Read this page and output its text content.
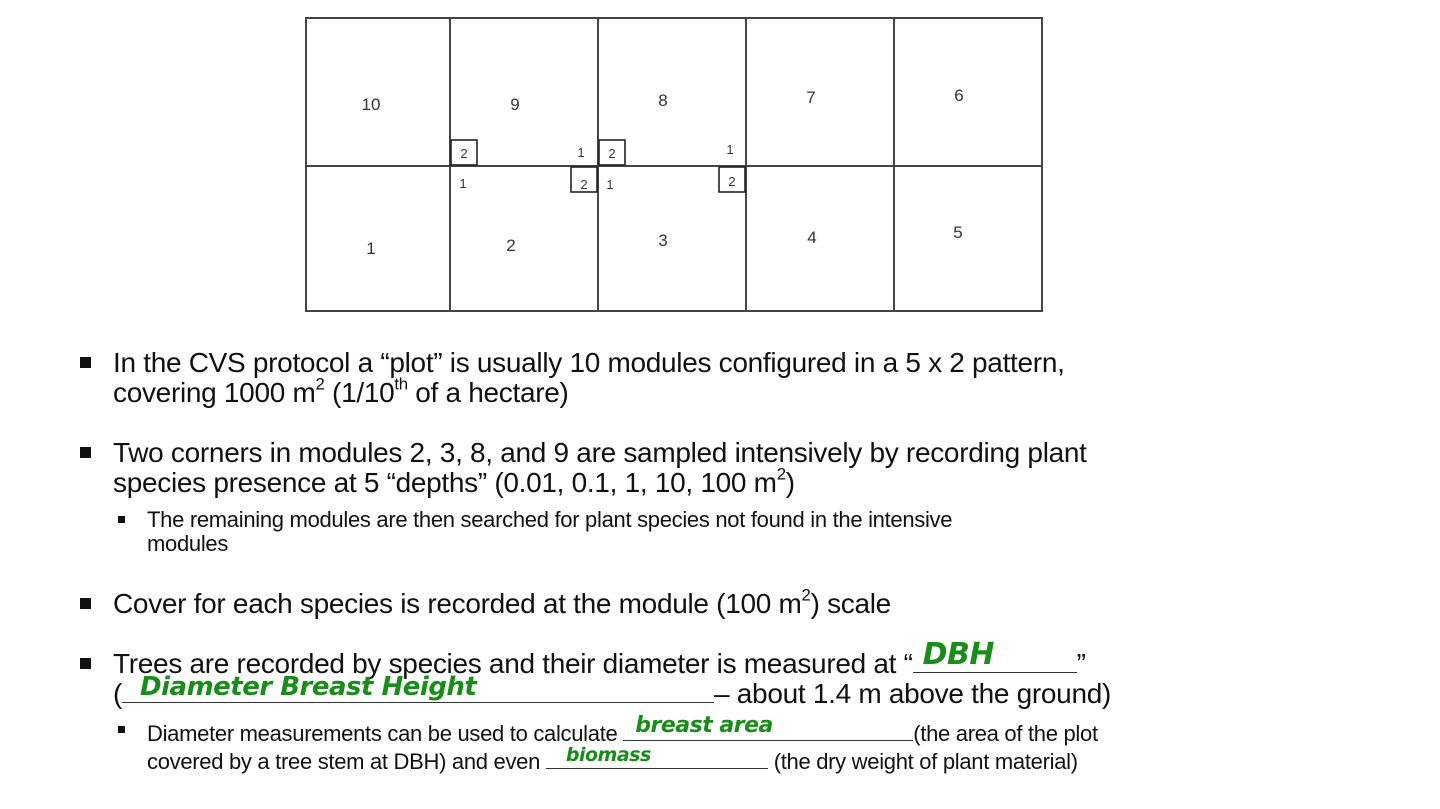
10	9	8	7	6
1	2	3	4	5
2	1 2	1
1	2 1	2
In the CVS protocol a “plot” is usually 10 modules configured in a 5 x 2 pattern,
covering 1000 $m^2$ (1/10th of a hectare)
Two corners in modules 2, 3, 8, and 9 are sampled intensively by recording plant
species presence at 5 “depths” (0.01, 0.1, 1, 10, 100 $m^2$)
The remaining modules are then searched for plant species not found in the intensive
modules
Cover for each species is recorded at the module (100 $m^2$) scale
Trees are recorded by species and their diameter is measured at “ DBH	”
( Diameter Breast Height	– about 1.4 m above the ground)
Diameter measurements can be used to calculate breast area	(the area of the plot
covered by a tree stem at DBH) and even biomass	(the dry weight of plant material)
